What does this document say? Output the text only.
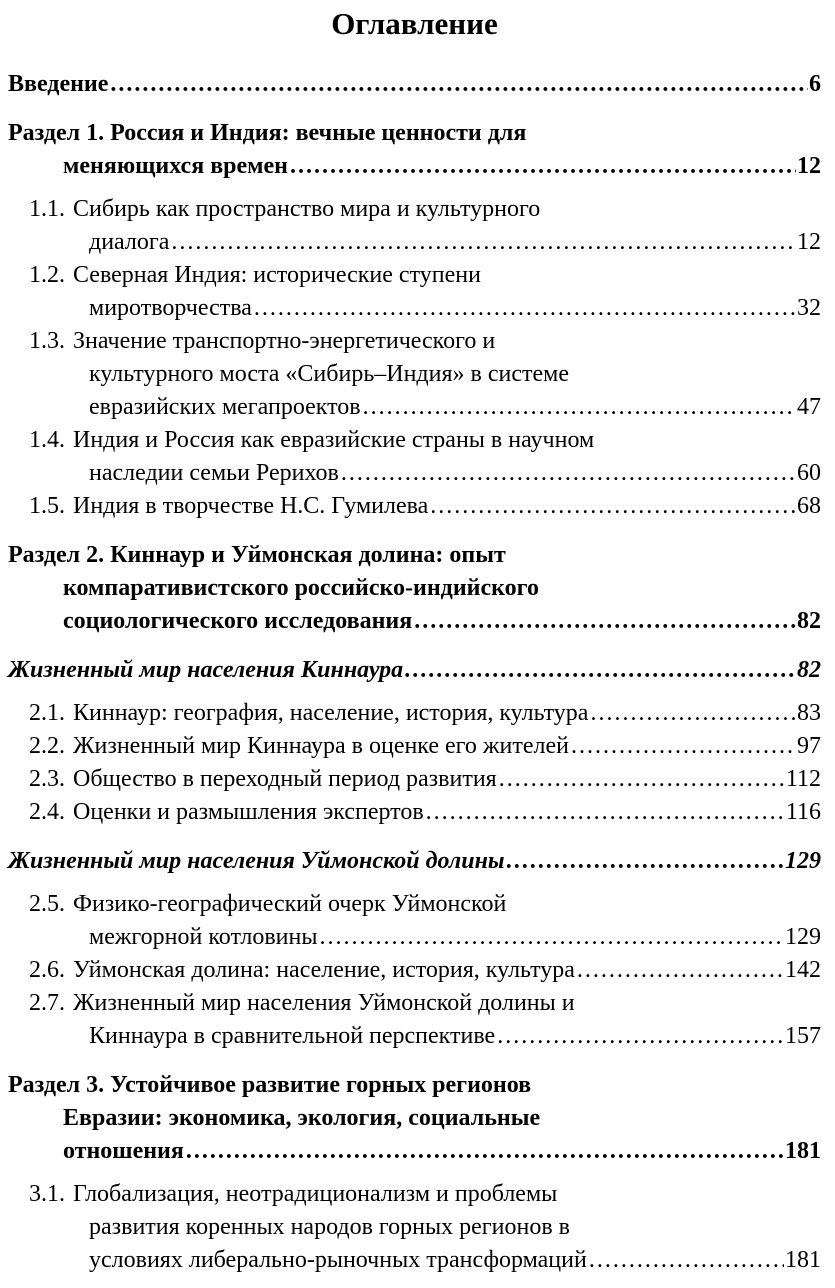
Оглавление
Введение .....	6
Раздел 1. Россия и Индия: вечные ценности для
меняющихся времен .....	12
1.1. Сибирь как пространство мира и культурного
диалога .....	12
1.2. Северная Индия: исторические ступени
миротворчества .....	32
1.3. Значение транспортно-энергетического и
культурного моста «Сибирь–Индия» в системе
евразийских мегапроектов .....	47
1.4. Индия и Россия как евразийские страны в научном
наследии семьи Рерихов .....	60
1.5. Индия в творчестве Н.С. Гумилева .....	68
Раздел 2. Киннаур и Уймонская долина: опыт
компаративистского российско-индийского
социологического исследования .....	82
Жизненный мир населения Киннаура .....	82
2.1. Киннаур: география, население, история, культура .....	83
2.2. Жизненный мир Киннаура в оценке его жителей .....	97
2.3. Общество в переходный период развития .....	112
2.4. Оценки и размышления экспертов .....	116
Жизненный мир населения Уймонской долины .....	129
2.5. Физико-географический очерк Уймонской
межгорной котловины .....	129
2.6. Уймонская долина: население, история, культура .....	142
2.7. Жизненный мир населения Уймонской долины и
Киннаура в сравнительной перспективе .....	157
Раздел 3. Устойчивое развитие горных регионов
Евразии: экономика, экология, социальные
отношения .....	181
3.1. Глобализация, неотрадиционализм и проблемы
развития коренных народов горных регионов в
условиях либерально-рыночных трансформаций .....	181
